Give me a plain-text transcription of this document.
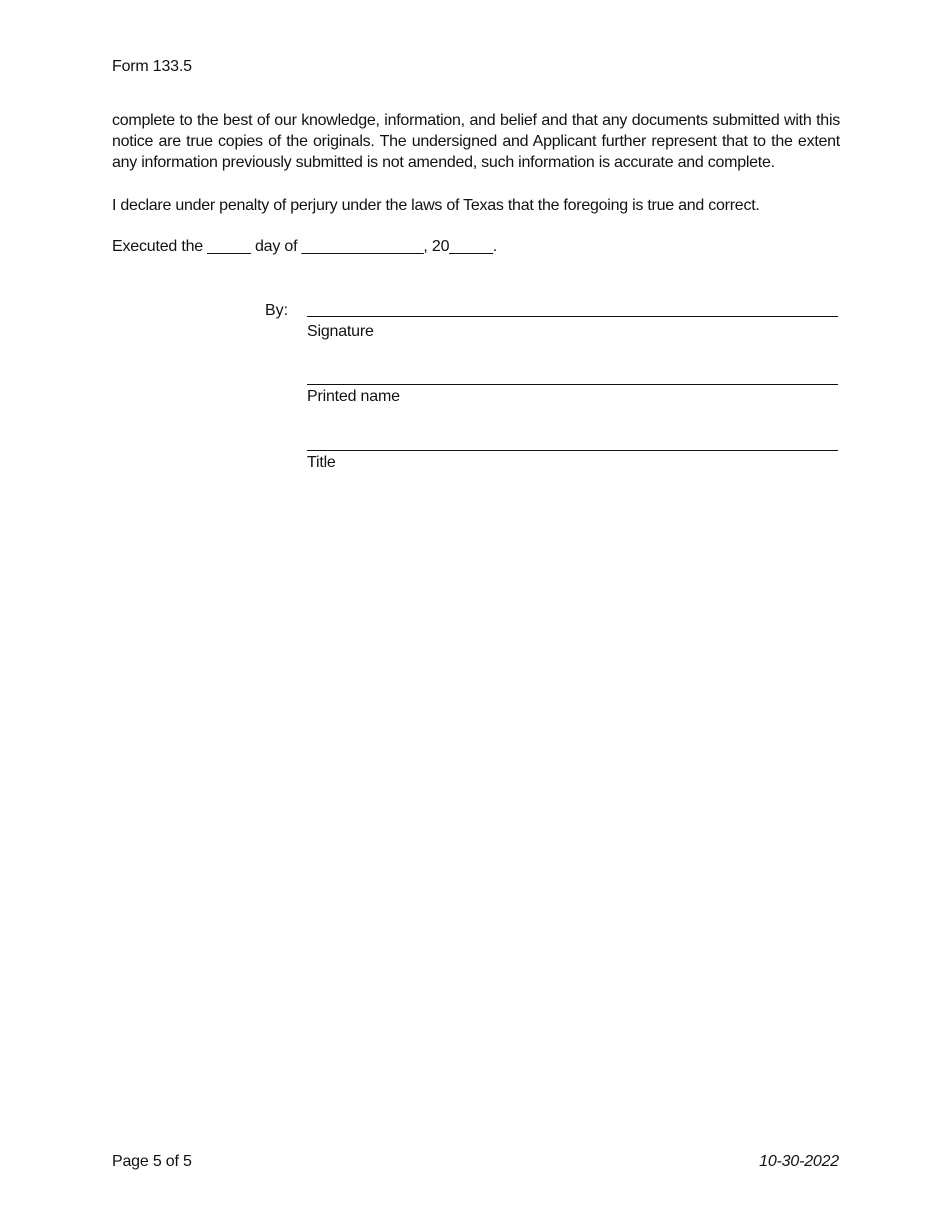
Form 133.5
complete to the best of our knowledge, information, and belief and that any documents submitted with this notice are true copies of the originals. The undersigned and Applicant further represent that to the extent any information previously submitted is not amended, such information is accurate and complete.
I declare under penalty of perjury under the laws of Texas that the foregoing is true and correct.
Executed the _____ day of ______________, 20_____.
By:
Signature
Printed name
Title
Page 5 of 5	10-30-2022
